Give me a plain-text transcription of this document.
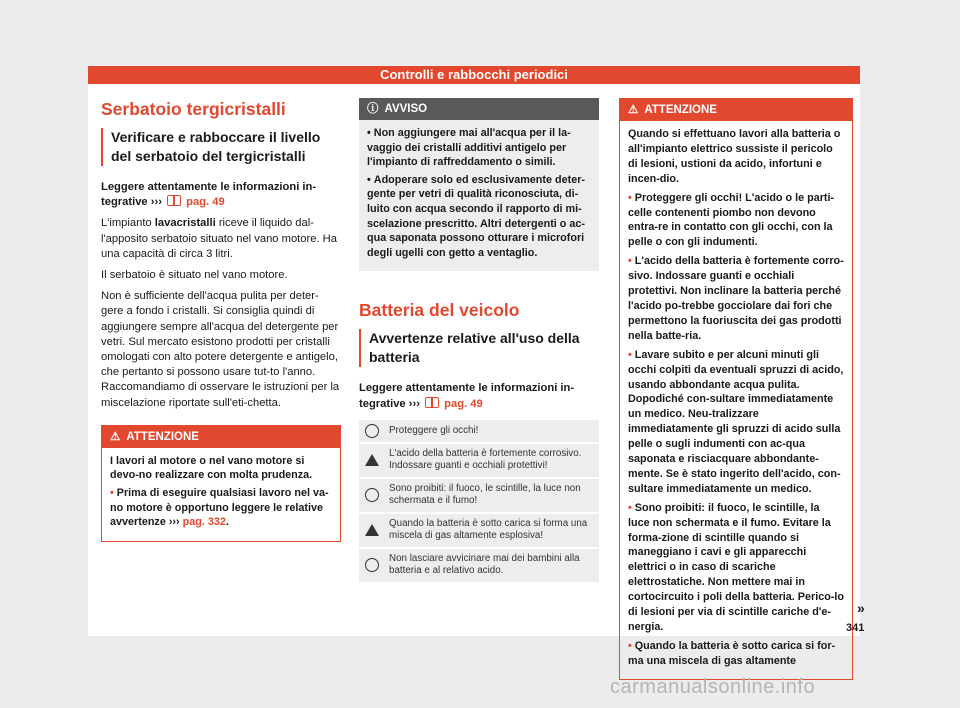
Controlli e rabbocchi periodici
Serbatoio tergicristalli
Verificare e rabboccare il livello del serbatoio del tergicristalli

Leggere attentamente le informazioni in-tegrative ››› pag. 49

L'impianto lavacristalli riceve il liquido dal-l'apposito serbatoio situato nel vano motore. Ha una capacità di circa 3 litri.

Il serbatoio è situato nel vano motore.

Non è sufficiente dell'acqua pulita per deter-gere a fondo i cristalli. Si consiglia quindi di aggiungere sempre all'acqua del detergente per vetri. Sul mercato esistono prodotti per cristalli omologati con alto potere detergente e antigelo, che pertanto si possono usare tut-to l'anno. Raccomandiamo di osservare le istruzioni per la miscelazione riportate sull'eti-chetta.

⚠ ATTENZIONE

I lavori al motore o nel vano motore si devo-no realizzare con molta prudenza.

• Prima di eseguire qualsiasi lavoro nel va-no motore è opportuno leggere le relative avvertenze ››› pag. 332.

ⓘ AVVISO

• Non aggiungere mai all'acqua per il la-vaggio dei cristalli additivi antigelo per l'impianto di raffreddamento o simili.

• Adoperare solo ed esclusivamente deter-gente per vetri di qualità riconosciuta, di-luito con acqua secondo il rapporto di mi-scelazione prescritto. Altri detergenti o ac-qua saponata possono otturare i microfori degli ugelli con getto a ventaglio.

Batteria del veicolo
Avvertenze relative all'uso della batteria

Leggere attentamente le informazioni in-tegrative ››› pag. 49

Proteggere gli occhi!
L'acido della batteria è fortemente corrosivo. Indossare guanti e occhiali protettivi!
Sono proibiti: il fuoco, le scintille, la luce non schermata e il fumo!
Quando la batteria è sotto carica si forma una miscela di gas altamente esplosiva!
Non lasciare avvicinare mai dei bambini alla batteria e al relativo acido.
⚠ ATTENZIONE

Quando si effettuano lavori alla batteria o all'impianto elettrico sussiste il pericolo di lesioni, ustioni da acido, infortuni e incen-dio.

• Proteggere gli occhi! L'acido o le parti-celle contenenti piombo non devono entra-re in contatto con gli occhi, con la pelle o con gli indumenti.

• L'acido della batteria è fortemente corro-sivo. Indossare guanti e occhiali protettivi. Non inclinare la batteria perché l'acido po-trebbe gocciolare dai fori che permettono la fuoriuscita dei gas prodotti nella batte-ria.

• Lavare subito e per alcuni minuti gli occhi colpiti da eventuali spruzzi di acido, usando abbondante acqua pulita. Dopodiché con-sultare immediatamente un medico. Neu-tralizzare immediatamente gli spruzzi di acido sulla pelle o sugli indumenti con ac-qua saponata e risciacquare abbondante-mente. Se è stato ingerito dell'acido, con-sultare immediatamente un medico.

• Sono proibiti: il fuoco, le scintille, la luce non schermata e il fumo. Evitare la forma-zione di scintille quando si maneggiano i cavi e gli apparecchi elettrici o in caso di scariche elettrostatiche. Non mettere mai in cortocircuito i poli della batteria. Perico-lo di lesioni per via di scintille cariche d'e-nergia.

• Quando la batteria è sotto carica si for-ma una miscela di gas altamente

»
341
carmanualsonline.info
